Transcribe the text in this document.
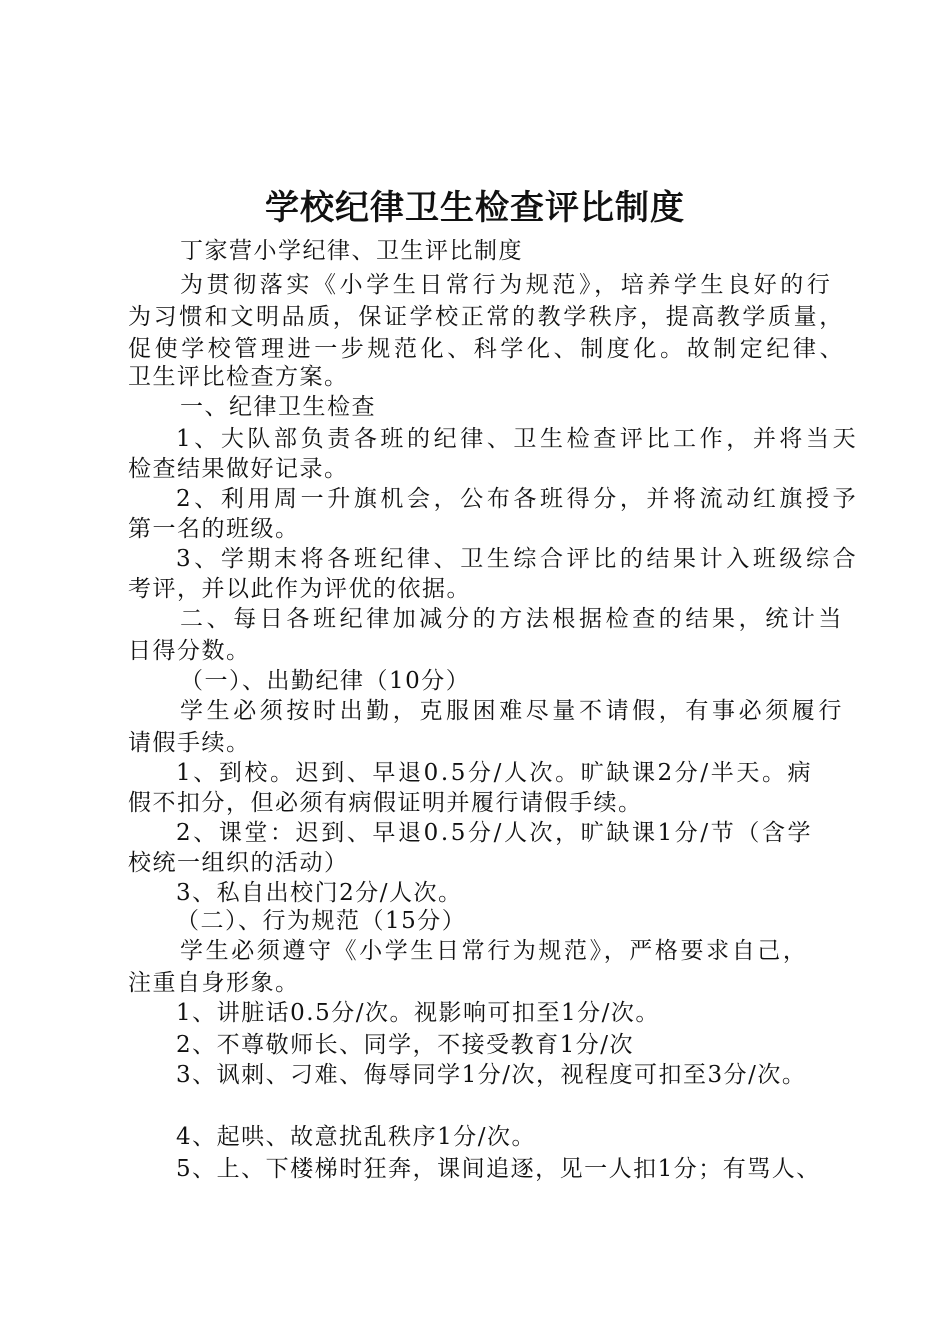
学校纪律卫生检查评比制度
丁家营小学纪律、卫生评比制度
为贯彻落实《小学生日常行为规范》，培养学生良好的行
为习惯和文明品质，保证学校正常的教学秩序，提高教学质量，
促使学校管理进一步规范化、科学化、制度化。故制定纪律、
卫生评比检查方案。
一、纪律卫生检查
1、大队部负责各班的纪律、卫生检查评比工作，并将当天
检查结果做好记录。
2、利用周一升旗机会，公布各班得分，并将流动红旗授予
第一名的班级。
3、学期末将各班纪律、卫生综合评比的结果计入班级综合
考评，并以此作为评优的依据。
二、每日各班纪律加减分的方法根据检查的结果，统计当
日得分数。
（一）、出勤纪律（10分）
学生必须按时出勤，克服困难尽量不请假，有事必须履行
请假手续。
1、到校。迟到、早退0.5分/人次。旷缺课2分/半天。病
假不扣分，但必须有病假证明并履行请假手续。
2、课堂：迟到、早退0.5分/人次，旷缺课1分/节（含学
校统一组织的活动）
3、私自出校门2分/人次。
（二）、行为规范（15分）
学生必须遵守《小学生日常行为规范》，严格要求自己，
注重自身形象。
1、讲脏话0.5分/次。视影响可扣至1分/次。
2、不尊敬师长、同学，不接受教育1分/次
3、讽刺、刁难、侮辱同学1分/次，视程度可扣至3分/次。
4、起哄、故意扰乱秩序1分/次。
5、上、下楼梯时狂奔，课间追逐，见一人扣1分；有骂人、
